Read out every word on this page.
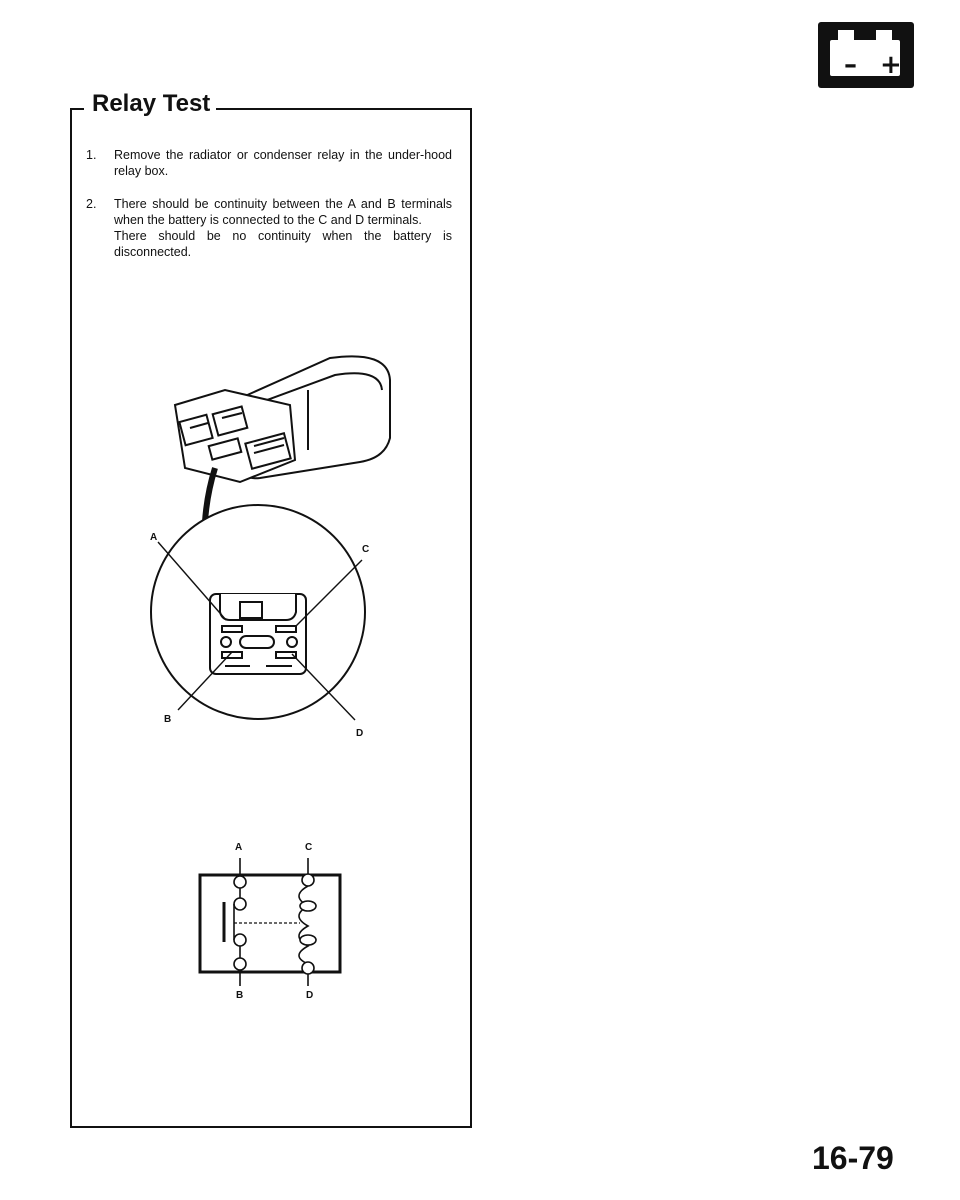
– +
Relay Test

1.	Remove the radiator or condenser relay in the under-hood relay box.

2.	There should be continuity between the A and B terminals when the battery is connected to the C and D terminals.
There should be no continuity when the battery is disconnected.

A
C
B
D
A	C
B	D

16-79
